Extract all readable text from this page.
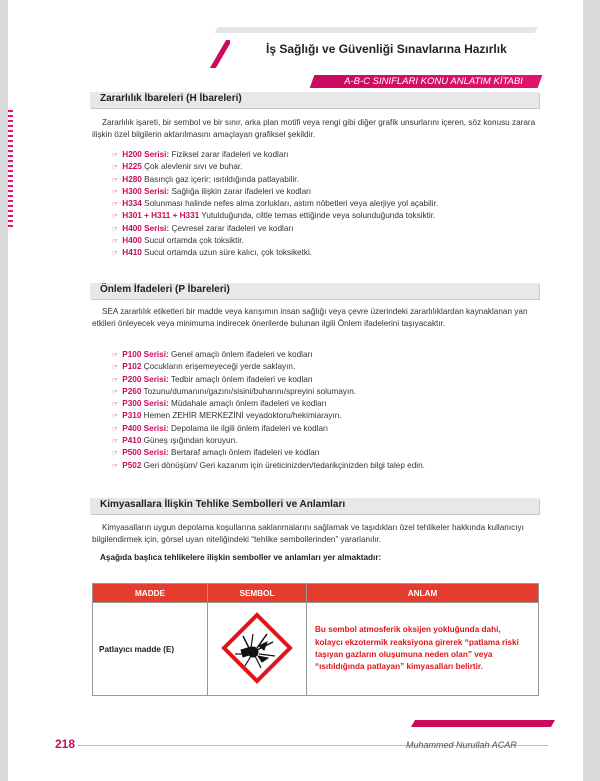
İş Sağlığı ve Güvenliği Sınavlarına Hazırlık
A-B-C SINIFLARI KONU ANLATIM KİTABI
Zararlılık İbareleri (H İbareleri)

Zararlılık işareti, bir sembol ve bir sınır, arka plan motifi veya rengi gibi diğer grafik unsurlarını içeren, söz konusu zarara ilişkin özel bilgilerin aktarılmasını amaçlayan grafiksel şekildir.

☞ H200 Serisi: Fiziksel zarar ifadeleri ve kodları
☞ H225 Çok alevlenir sıvı ve buhar.
☞ H280 Basınçlı gaz içerir; ısıtıldığında patlayabilir.
☞ H300 Serisi: Sağlığa ilişkin zarar ifadeleri ve kodları
☞ H334 Solunması halinde nefes alma zorlukları, astım nöbetleri veya alerjiye yol açabilir.
☞ H301 + H311 + H331 Yutulduğunda, ciltle temas ettiğinde veya solunduğunda toksiktir.
☞ H400 Serisi: Çevresel zarar ifadeleri ve kodları
☞ H400 Sucul ortamda çok toksiktir.
☞ H410 Sucul ortamda uzun süre kalıcı, çok toksiketki.
Önlem İfadeleri (P İbareleri)

SEA zararlılık etiketleri bir madde veya karışımın insan sağlığı veya çevre üzerindeki zararlılıklardan kaynaklanan yan etkileri önleyecek veya minimuma indirecek önerilerde bulunan ilgili Önlem ifadelerini taşıyacaktır.

☞ P100 Serisi: Genel amaçlı önlem ifadeleri ve kodları
☞ P102 Çocukların erişemeyeceği yerde saklayın.
☞ P200 Serisi: Tedbir amaçlı önlem ifadeleri ve kodları
☞ P260 Tozunu/dumanını/gazını/sisini/buharını/spreyini solumayın.
☞ P300 Serisi: Müdahale amaçlı önlem ifadeleri ve kodları
☞ P310 Hemen ZEHİR MERKEZİNİ veyadoktoru/hekimiarayın.
☞ P400 Serisi: Depolama ile ilgili önlem ifadeleri ve kodları
☞ P410 Güneş ışığından koruyun.
☞ P500 Serisi: Bertaraf amaçlı önlem ifadeleri ve kodları
☞ P502 Geri dönüşüm/ Geri kazanım için üreticinizden/tedarikçinizden bilgi talep edin.
Kimyasallara İlişkin Tehlike Sembolleri ve Anlamları

Kimyasalların uygun depolama koşullarına saklanmalarını sağlamak ve taşıdıkları özel tehlikeler hakkında kullanıcıyı bilgilendirmek için, görsel uyarı niteliğindeki “tehlike sembollerinden” yararlanılır.

Aşağıda başlıca tehlikelere ilişkin semboller ve anlamları yer almaktadır:
MADDE	SEMBOL	ANLAM
Patlayıcı madde (E)		Bu sembol atmosferik oksijen yokluğunda dahi, kolaycı ekzotermik reaksiyona girerek “patlama riski taşıyan gazların oluşumuna neden olan” veya “ısıtıldığında patlayan” kimyasalları belirtir.
218	Muhammed Nurullah ACAR
